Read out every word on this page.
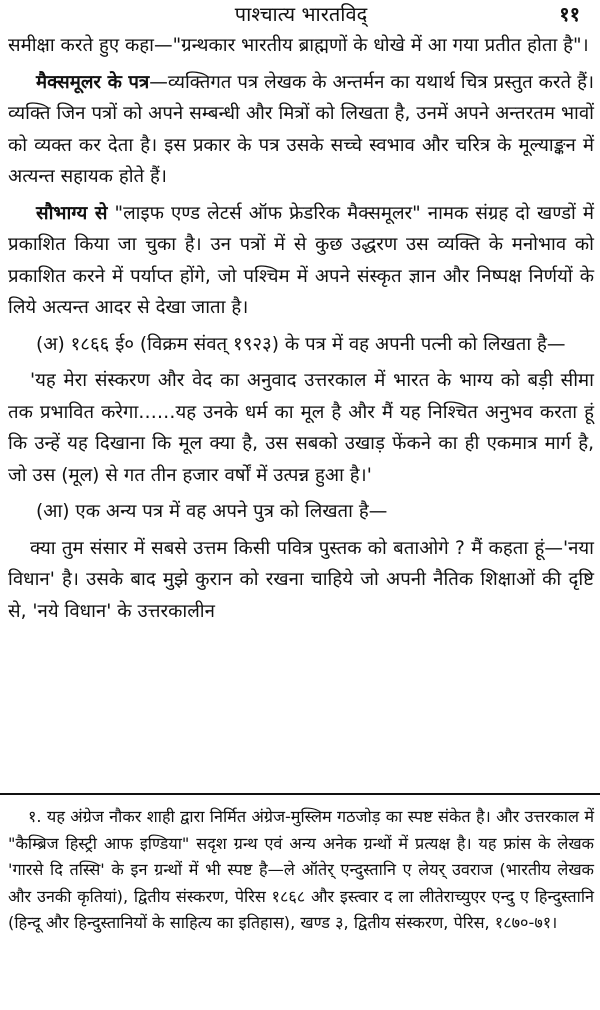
पाश्चात्य भारतविद्	११

समीक्षा करते हुए कहा—"ग्रन्थकार भारतीय ब्राह्मणों के धोखे में आ गया प्रतीत होता है"।

मैक्समूलर के पत्र—व्यक्तिगत पत्र लेखक के अन्तर्मन का यथार्थ चित्र प्रस्तुत करते हैं। व्यक्ति जिन पत्रों को अपने सम्बन्धी और मित्रों को लिखता है, उनमें अपने अन्तरतम भावों को व्यक्त कर देता है। इस प्रकार के पत्र उसके सच्चे स्वभाव और चरित्र के मूल्याङ्कन में अत्यन्त सहायक होते हैं।

सौभाग्य से "लाइफ एण्ड लेटर्स ऑफ फ्रेडरिक मैक्समूलर" नामक संग्रह दो खण्डों में प्रकाशित किया जा चुका है। उन पत्रों में से कुछ उद्धरण उस व्यक्ति के मनोभाव को प्रकाशित करने में पर्याप्त होंगे, जो पश्चिम में अपने संस्कृत ज्ञान और निष्पक्ष निर्णयों के लिये अत्यन्त आदर से देखा जाता है।

(अ) १८६६ ई० (विक्रम संवत् १९२३) के पत्र में वह अपनी पत्नी को लिखता है—

'यह मेरा संस्करण और वेद का अनुवाद उत्तरकाल में भारत के भाग्य को बड़ी सीमा तक प्रभावित करेगा……यह उनके धर्म का मूल है और मैं यह निश्चित अनुभव करता हूं कि उन्हें यह दिखाना कि मूल क्या है, उस सबको उखाड़ फेंकने का ही एकमात्र मार्ग है, जो उस (मूल) से गत तीन हजार वर्षों में उत्पन्न हुआ है।'

(आ) एक अन्य पत्र में वह अपने पुत्र को लिखता है—

क्या तुम संसार में सबसे उत्तम किसी पवित्र पुस्तक को बताओगे ? मैं कहता हूं—'नया विधान' है। उसके बाद मुझे कुरान को रखना चाहिये जो अपनी नैतिक शिक्षाओं की दृष्टि से, 'नये विधान' के उत्तरकालीन

१. यह अंग्रेज नौकर शाही द्वारा निर्मित अंग्रेज-मुस्लिम गठजोड़ का स्पष्ट संकेत है। और उत्तरकाल में "कैम्ब्रिज हिस्ट्री आफ इण्डिया" सदृश ग्रन्थ एवं अन्य अनेक ग्रन्थों में प्रत्यक्ष है। यह फ्रांस के लेखक 'गारसे दि तस्सि' के इन ग्रन्थों में भी स्पष्ट है—ले ऑतेर् एन्दुस्तानि ए लेयर् उवराज (भारतीय लेखक और उनकी कृतियां), द्वितीय संस्करण, पेरिस १८६८ और इस्त्वार द ला लीतेराच्युएर एन्दु ए हिन्दुस्तानि (हिन्दू और हिन्दुस्तानियों के साहित्य का इतिहास), खण्ड ३, द्वितीय संस्करण, पेरिस, १८७०-७१।
